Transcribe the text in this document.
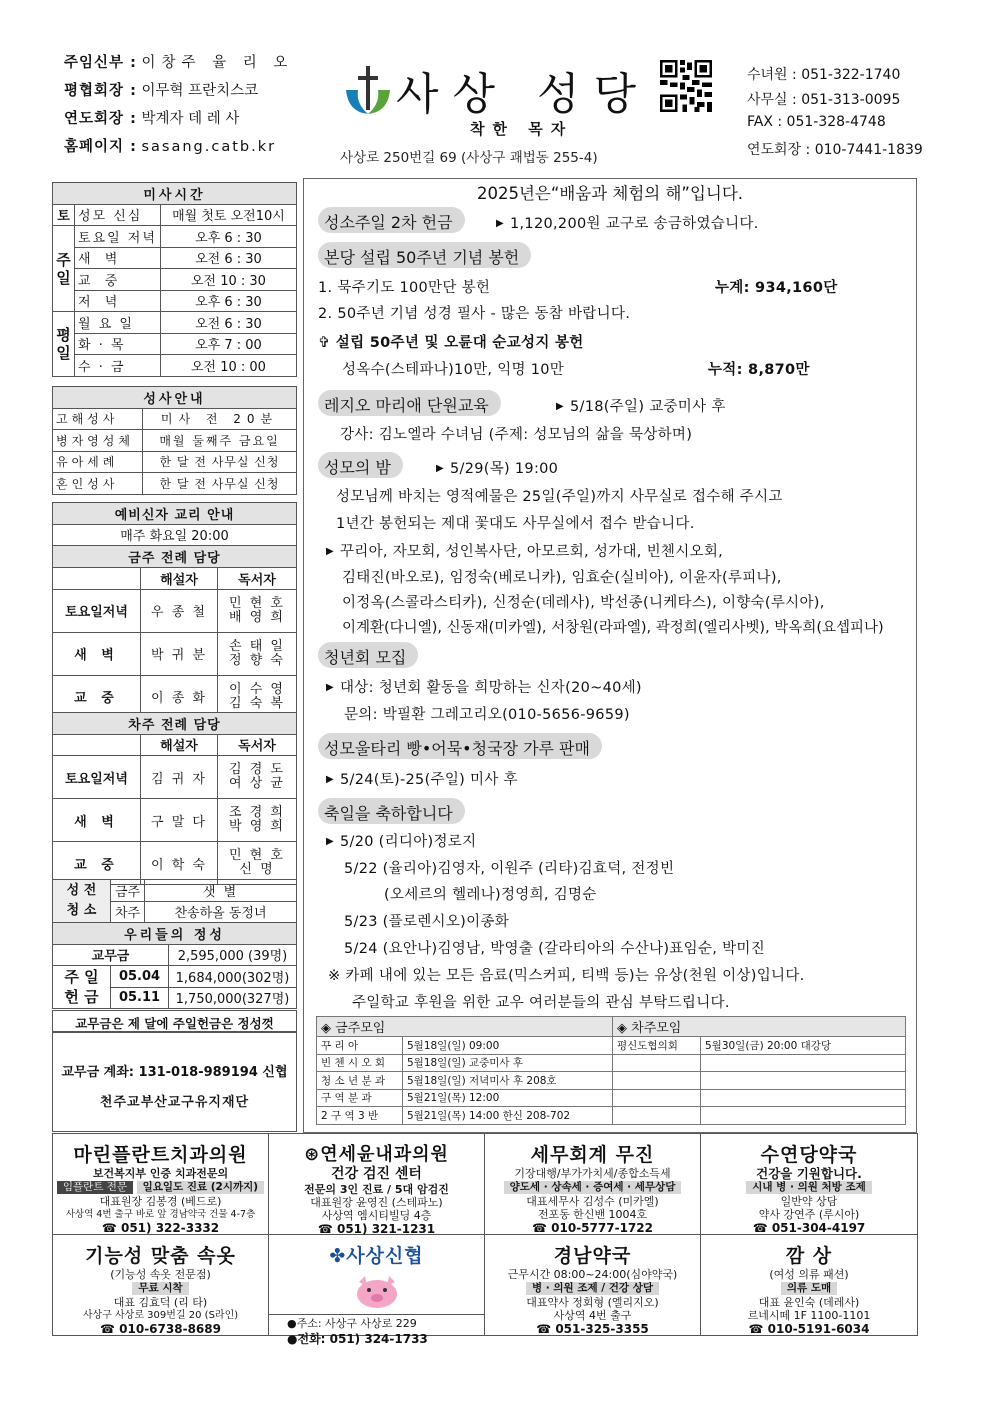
주임신부 : 이창주 율 리 오
평협회장 : 이무혁 프란치스코
연도회장 : 박계자 데 레 사
홈페이지 : sasang.catb.kr
사상 성당
착한 목자
사상로 250번길 69 (사상구 괘법동 255-4)
수녀원 : 051-322-1740
사무실 : 051-313-0095
FAX : 051-328-4748
연도회장 : 010-7441-1839
미사시간		
토	성모 신심	매월 첫토 오전10시
주일	토요일 저녁	오후 6 : 30
	새 벽	오전 6 : 30
	교 중	오전 10 : 30
	저 녁	오후 6 : 30
평일	월 요 일	오전 6 : 30
	화 · 목	오후 7 : 00
	수 · 금	오전 10 : 00
성사안내	
고해성사	미사 전 20분
병자영성체	매월 둘째주 금요일
유아세례	한 달 전 사무실 신청
혼인성사	한 달 전 사무실 신청
예비신자 교리 안내
매주 화요일 20:00
금주 전례 담당
	해설자	독서자
토요일저녁	우 종 철	민 현 호
배 영 희

새 벽	박 귀 분	손 태 일
정 향 숙

교 중	이 종 화	이 수 영
김 숙 복
차주 전례 담당		
	해설자	독서자
토요일저녁	김 귀 자	김 경 도
여 상 균

새 벽	구 말 다	조 경 희
박 영 희

교 중	이 학 숙	민 현 호
신 명
성 전
청 소	금주	샛 별
	차주	찬송하올 동정녀
우리들의 정성		
교무금		2,595,000 (39명)

주 일
헌 금	05.04	1,684,000(302명)
	05.11	1,750,000(327명)
교무금은 제 달에 주일헌금은 정성껏
교무금 계좌: 131-018-989194 신협
천주교부산교구유지재단
2025년은“배움과 체험의 해”입니다.
성소주일 2차 헌금	▶ 1,120,200원 교구로 송금하였습니다.
본당 설립 50주년 기념 봉헌
1. 묵주기도 100만단 봉헌	누계: 934,160단
2. 50주년 기념 성경 필사 - 많은 동참 바랍니다.
✞ 설립 50주년 및 오륜대 순교성지 봉헌
성옥수(스테파나)10만, 익명 10만	누적: 8,870만
레지오 마리애 단원교육	▶ 5/18(주일) 교중미사 후
강사: 김노엘라 수녀님 (주제: 성모님의 삶을 묵상하며)
성모의 밤	▶ 5/29(목) 19:00
성모님께 바치는 영적예물은 25일(주일)까지 사무실로 접수해 주시고
1년간 봉헌되는 제대 꽃대도 사무실에서 접수 받습니다.
▶ 꾸리아, 자모회, 성인복사단, 아모르회, 성가대, 빈첸시오회,
김태진(바오로), 임정숙(베로니카), 임효순(실비아), 이윤자(루피나),
이정옥(스콜라스티카), 신정순(데레사), 박선종(니케타스), 이향숙(루시아),
이계환(다니엘), 신동재(미카엘), 서창원(라파엘), 곽정희(엘리사벳), 박옥희(요셉피나)
청년회 모집
▶ 대상: 청년회 활동을 희망하는 신자(20~40세)
문의: 박필환 그레고리오(010-5656-9659)
성모울타리 빵•어묵•청국장 가루 판매
▶ 5/24(토)-25(주일) 미사 후
축일을 축하합니다
▶ 5/20 (리디아)정로지
5/22 (율리아)김영자, 이원주 (리타)김효덕, 전정빈
(오세르의 헬레나)정영희, 김명순
5/23 (플로렌시오)이종화
5/24 (요안나)김영남, 박영출 (갈라티아의 수산나)표임순, 박미진
※ 카페 내에 있는 모든 음료(믹스커피, 티백 등)는 유상(천원 이상)입니다.
주일학교 후원을 위한 교우 여러분들의 관심 부탁드립니다.
◈ 금주모임		◈ 차주모임	
꾸 리 아	5월18일(일) 09:00	평신도협의회	5월30일(금) 20:00 대강당
빈 첸 시 오 회	5월18일(일) 교중미사 후		
청 소 년 분 과	5월18일(일) 저녁미사 후 208호		
구 역 분 과	5월21일(목) 12:00		
2 구 역 3 반	5월21일(목) 14:00 한신 208-702		
마린플란트치과의원
보건복지부 인증 치과전문의
임플란트 전문 일요일도 진료 (2시까지)
대표원장 김봉경 (베드로)
사상역 4번 출구 바로 앞 경남약국 건물 4-7층
☎ 051) 322-3332
⊛연세윤내과의원
건강 검진 센터
전문의 3인 진료 / 5대 암검진
대표원장 윤영진 (스테파노)
사상역 엠시티빌딩 4층
☎ 051) 321-1231
세무회계 무진
기장대행/부가가치세/종합소득세
양도세 · 상속세 · 증여세 · 세무상담
대표세무사 김성수 (미카엘)
전포동 한신밴 1004호
☎ 010-5777-1722
수연당약국
건강을 기원합니다.
시내 병 · 의원 처방 조제
일반약 상담
약사 강연주 (루시아)
☎ 051-304-4197
기능성 맞춤 속옷
(기능성 속옷 전문점)
무료 시착
대표 김효덕 (리 타)
사상구 사상로 309번길 20 (S라인)
☎ 010-6738-8689
✤사상신협
●주소: 사상구 사상로 229
●전화: 051) 324-1733
경남약국
근무시간 08:00~24:00(심야약국)
병 · 의원 조제 / 건강 상담
대표약사 정회형 (엘리지오)
사상역 4번 출구
☎ 051-325-3355
깜 상
(여성 의류 패션)
의류 도매
대표 윤인숙 (데레사)
르네시떼 1F 1100-1101
☎ 010-5191-6034
